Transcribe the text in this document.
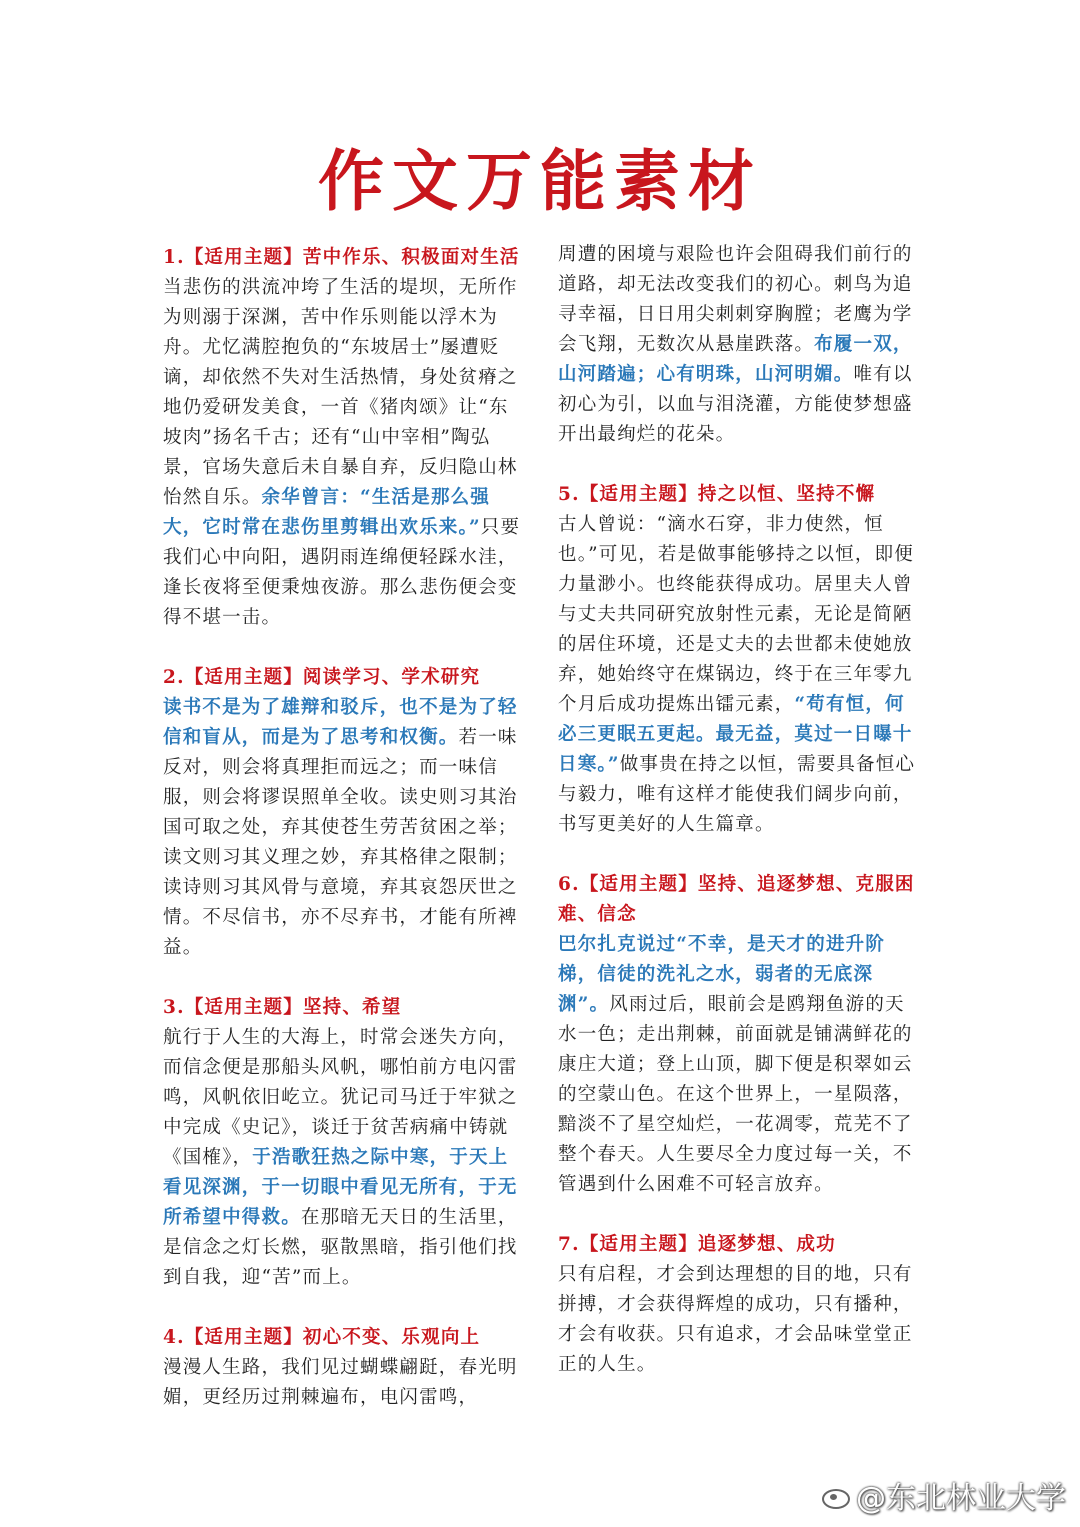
作文万能素材
1.【适用主题】苦中作乐、积极面对生活
当悲伤的洪流冲垮了生活的堤坝，无所作为则溺于深渊，苦中作乐则能以浮木为舟。尤忆满腔抱负的“东坡居士”屡遭贬谪，却依然不失对生活热情，身处贫瘠之地仍爱研发美食，一首《猪肉颂》让“东坡肉”扬名千古；还有“山中宰相”陶弘景，官场失意后未自暴自弃，反归隐山林怡然自乐。余华曾言：“生活是那么强大，它时常在悲伤里剪辑出欢乐来。”只要我们心中向阳，遇阴雨连绵便轻踩水洼，逢长夜将至便秉烛夜游。那么悲伤便会变得不堪一击。
2.【适用主题】阅读学习、学术研究
读书不是为了雄辩和驳斥，也不是为了轻信和盲从，而是为了思考和权衡。若一味反对，则会将真理拒而远之；而一味信服，则会将谬误照单全收。读史则习其治国可取之处，弃其使苍生劳苦贫困之举；读文则习其义理之妙，弃其格律之限制；读诗则习其风骨与意境，弃其哀怨厌世之情。不尽信书，亦不尽弃书，才能有所裨益。
3.【适用主题】坚持、希望
航行于人生的大海上，时常会迷失方向，而信念便是那船头风帆，哪怕前方电闪雷鸣，风帆依旧屹立。犹记司马迁于牢狱之中完成《史记》，谈迁于贫苦病痛中铸就《国榷》，于浩歌狂热之际中寒，于天上看见深渊，于一切眼中看见无所有，于无所希望中得救。在那暗无天日的生活里，是信念之灯长燃，驱散黑暗，指引他们找到自我，迎“苦”而上。
4.【适用主题】初心不变、乐观向上
漫漫人生路，我们见过蝴蝶翩跹，春光明媚，更经历过荆棘遍布，电闪雷鸣，
周遭的困境与艰险也许会阻碍我们前行的道路，却无法改变我们的初心。刺鸟为追寻幸福，日日用尖刺刺穿胸膛；老鹰为学会飞翔，无数次从悬崖跌落。布履一双，山河踏遍；心有明珠，山河明媚。唯有以初心为引，以血与泪浇灌，方能使梦想盛开出最绚烂的花朵。
5.【适用主题】持之以恒、坚持不懈
古人曾说：“滴水石穿，非力使然，恒也。”可见，若是做事能够持之以恒，即便力量渺小。也终能获得成功。居里夫人曾与丈夫共同研究放射性元素，无论是简陋的居住环境，还是丈夫的去世都未使她放弃，她始终守在煤锅边，终于在三年零九个月后成功提炼出镭元素，“苟有恒，何必三更眠五更起。最无益，莫过一日曝十日寒。”做事贵在持之以恒，需要具备恒心与毅力，唯有这样才能使我们阔步向前，书写更美好的人生篇章。
6.【适用主题】坚持、追逐梦想、克服困难、信念
巴尔扎克说过“不幸，是天才的进升阶梯，信徒的洗礼之水，弱者的无底深渊”。风雨过后，眼前会是鸥翔鱼游的天水一色；走出荆棘，前面就是铺满鲜花的康庄大道；登上山顶，脚下便是积翠如云的空蒙山色。在这个世界上，一星陨落，黯淡不了星空灿烂，一花凋零，荒芜不了整个春天。人生要尽全力度过每一关，不管遇到什么困难不可轻言放弃。
7.【适用主题】追逐梦想、成功
只有启程，才会到达理想的目的地，只有拼搏，才会获得辉煌的成功，只有播种，才会有收获。只有追求，才会品味堂堂正正的人生。
@东北林业大学
